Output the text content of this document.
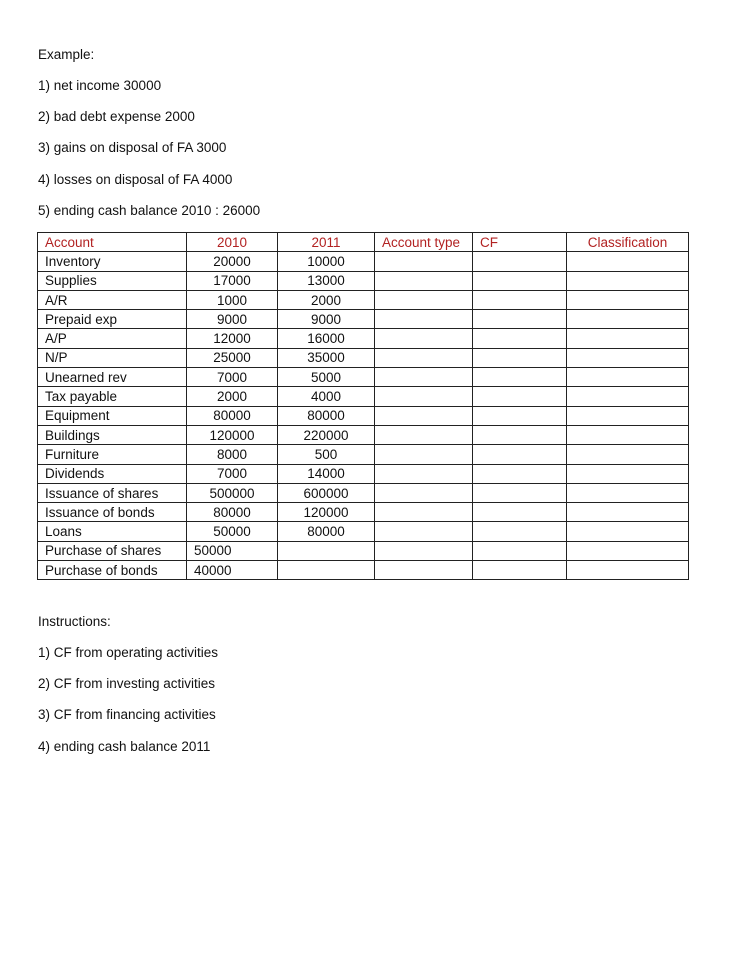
Example:
1) net income 30000
2) bad debt expense 2000
3) gains on disposal of FA 3000
4) losses on disposal of FA 4000
5) ending cash balance 2010 : 26000
Account	2010	2011	Account type	CF	Classification
Inventory	20000	10000			
Supplies	17000	13000			
A/R	1000	2000			
Prepaid exp	9000	9000			
A/P	12000	16000			
N/P	25000	35000			
Unearned rev	7000	5000			
Tax payable	2000	4000			
Equipment	80000	80000			
Buildings	120000	220000			
Furniture	8000	500			
Dividends	7000	14000			
Issuance of shares	500000	600000			
Issuance of bonds	80000	120000			
Loans	50000	80000			
Purchase of shares	50000				
Purchase of bonds	40000				
Instructions:
1) CF from operating activities
2) CF from investing activities
3) CF from financing activities
4) ending cash balance 2011
